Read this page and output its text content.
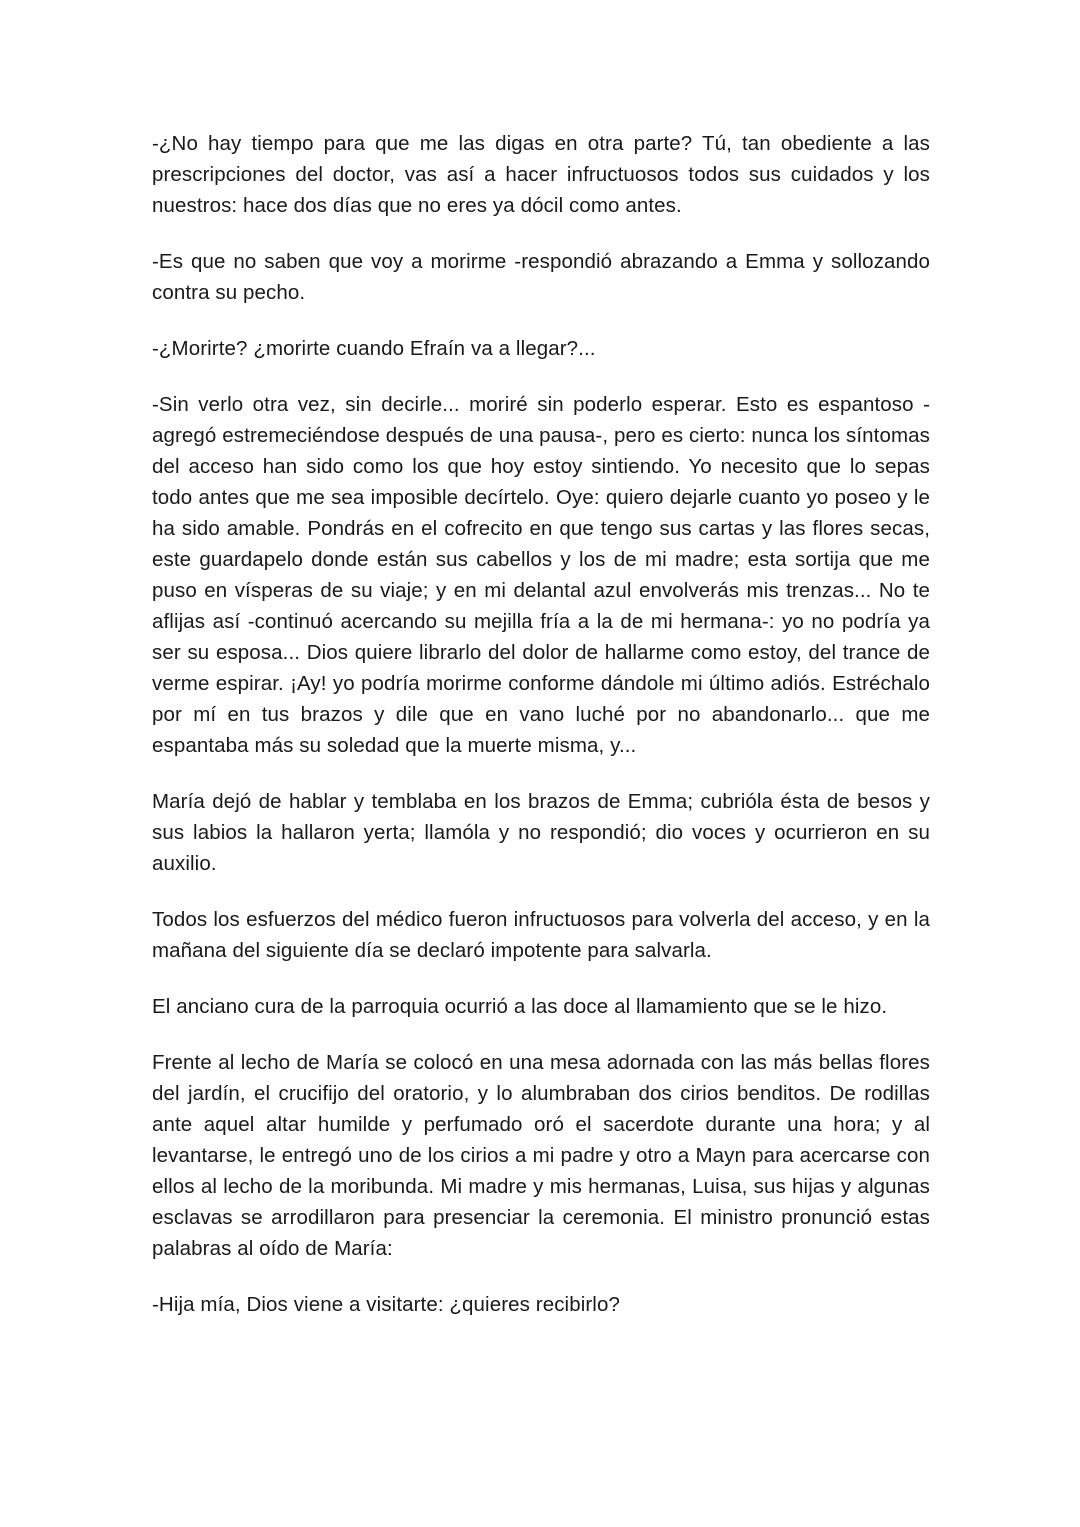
-¿No hay tiempo para que me las digas en otra parte? Tú, tan obediente a las prescripciones del doctor, vas así a hacer infructuosos todos sus cuidados y los nuestros: hace dos días que no eres ya dócil como antes.

-Es que no saben que voy a morirme -respondió abrazando a Emma y sollozando contra su pecho.

-¿Morirte? ¿morirte cuando Efraín va a llegar?...

-Sin verlo otra vez, sin decirle... moriré sin poderlo esperar. Esto es espantoso -agregó estremeciéndose después de una pausa-, pero es cierto: nunca los síntomas del acceso han sido como los que hoy estoy sintiendo. Yo necesito que lo sepas todo antes que me sea imposible decírtelo. Oye: quiero dejarle cuanto yo poseo y le ha sido amable. Pondrás en el cofrecito en que tengo sus cartas y las flores secas, este guardapelo donde están sus cabellos y los de mi madre; esta sortija que me puso en vísperas de su viaje; y en mi delantal azul envolverás mis trenzas... No te aflijas así -continuó acercando su mejilla fría a la de mi hermana-: yo no podría ya ser su esposa... Dios quiere librarlo del dolor de hallarme como estoy, del trance de verme espirar. ¡Ay! yo podría morirme conforme dándole mi último adiós. Estréchalo por mí en tus brazos y dile que en vano luché por no abandonarlo... que me espantaba más su soledad que la muerte misma, y...

María dejó de hablar y temblaba en los brazos de Emma; cubrióla ésta de besos y sus labios la hallaron yerta; llamóla y no respondió; dio voces y ocurrieron en su auxilio.

Todos los esfuerzos del médico fueron infructuosos para volverla del acceso, y en la mañana del siguiente día se declaró impotente para salvarla.

El anciano cura de la parroquia ocurrió a las doce al llamamiento que se le hizo.

Frente al lecho de María se colocó en una mesa adornada con las más bellas flores del jardín, el crucifijo del oratorio, y lo alumbraban dos cirios benditos. De rodillas ante aquel altar humilde y perfumado oró el sacerdote durante una hora; y al levantarse, le entregó uno de los cirios a mi padre y otro a Mayn para acercarse con ellos al lecho de la moribunda. Mi madre y mis hermanas, Luisa, sus hijas y algunas esclavas se arrodillaron para presenciar la ceremonia. El ministro pronunció estas palabras al oído de María:

-Hija mía, Dios viene a visitarte: ¿quieres recibirlo?
